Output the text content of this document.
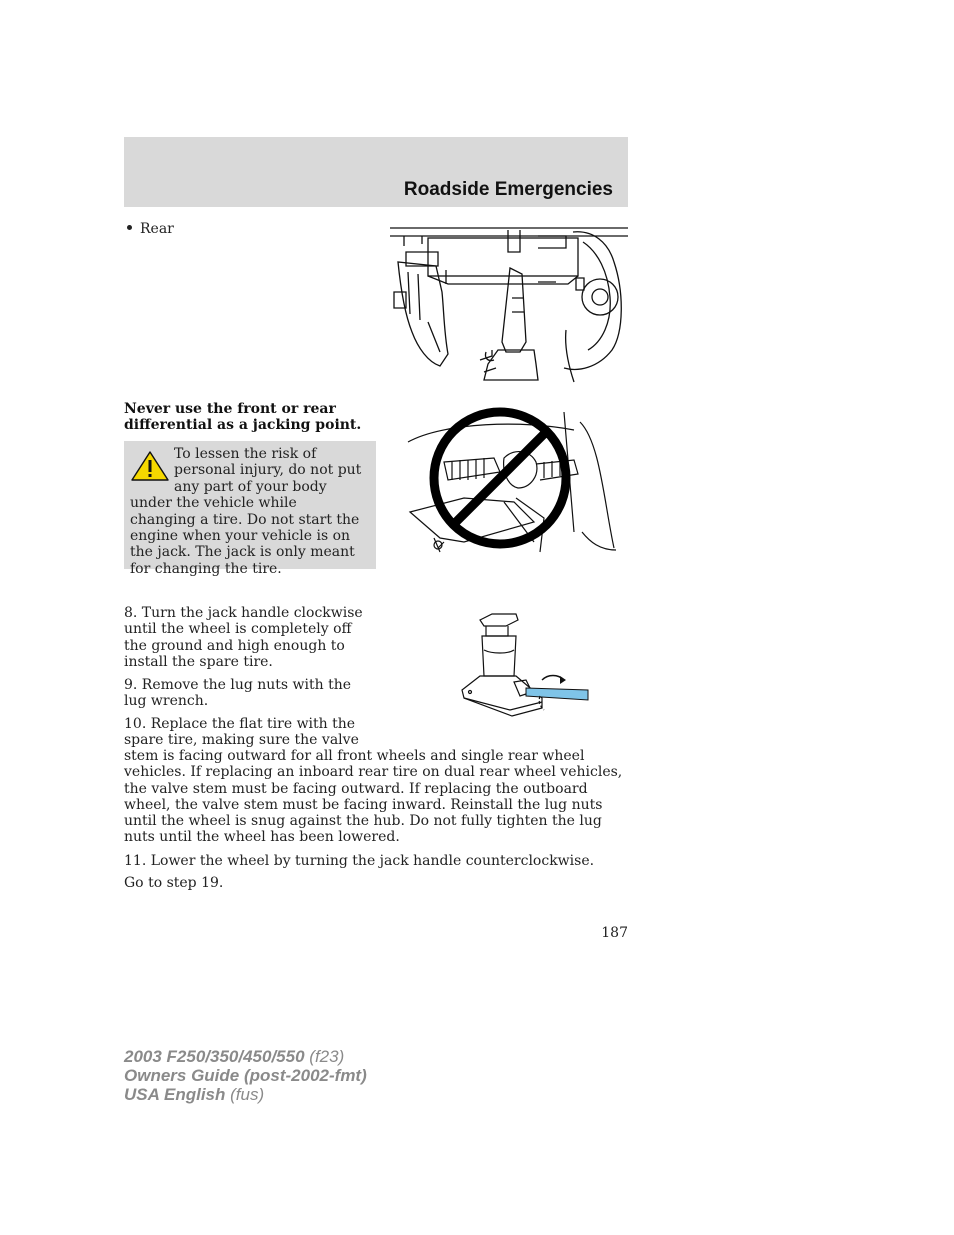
Roadside Emergencies
Rear
Never use the front or rear differential as a jacking point.
To lessen the risk of personal injury, do not put any part of your body under the vehicle while changing a tire. Do not start the engine when your vehicle is on the jack. The jack is only meant for changing the tire.
8. Turn the jack handle clockwise until the wheel is completely off the ground and high enough to install the spare tire.
9. Remove the lug nuts with the lug wrench.
10. Replace the flat tire with the spare tire, making sure the valve
stem is facing outward for all front wheels and single rear wheel vehicles. If replacing an inboard rear tire on dual rear wheel vehicles, the valve stem must be facing outward. If replacing the outboard wheel, the valve stem must be facing inward. Reinstall the lug nuts until the wheel is snug against the hub. Do not fully tighten the lug nuts until the wheel has been lowered.
11. Lower the wheel by turning the jack handle counterclockwise.
Go to step 19.
187
2003 F250/350/450/550 (f23)
Owners Guide (post-2002-fmt)
USA English (fus)
